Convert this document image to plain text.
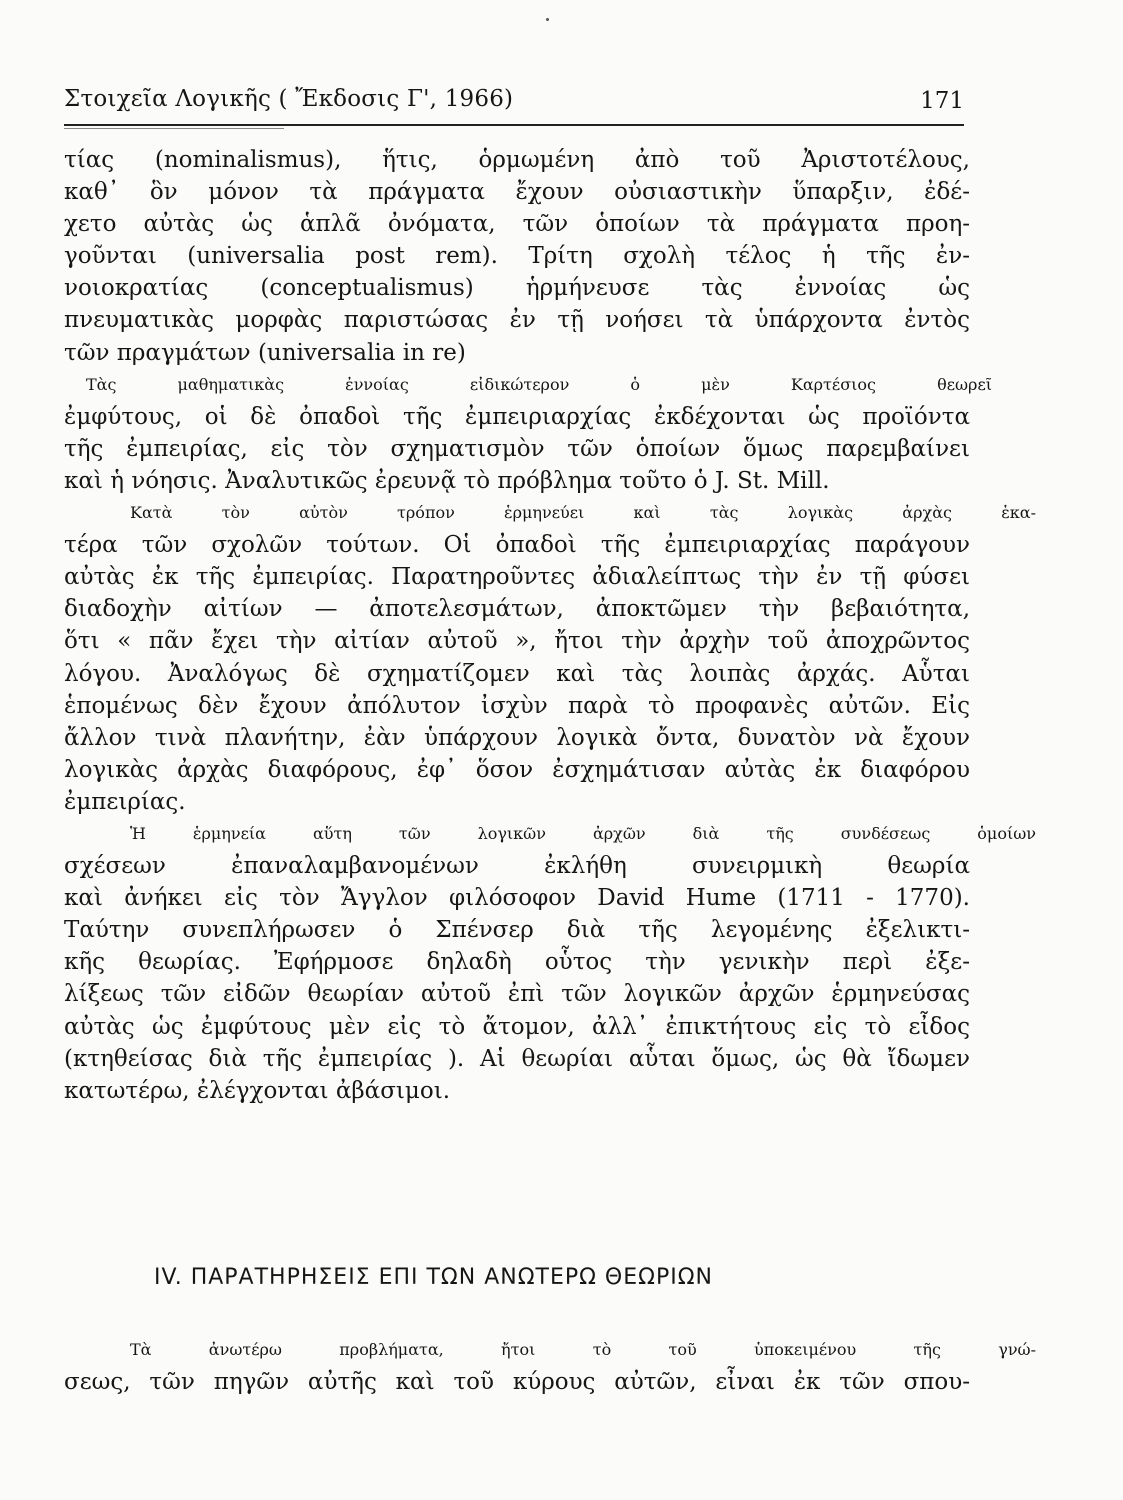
Στοιχεῖα Λογικῆς ( Ἔκδοσις Γ', 1966)	171
τίας (nominalismus), ἥτις, ὁρμωμένη ἀπὸ τοῦ Ἀριστοτέλους,
καθ᾽ ὃν μόνον τὰ πράγματα ἔχουν οὐσιαστικὴν ὕπαρξιν, ἐδέ-
χετο αὐτὰς ὡς ἁπλᾶ ὀνόματα, τῶν ὁποίων τὰ πράγματα προη-
γοῦνται (universalia post rem). Τρίτη σχολὴ τέλος ἡ τῆς ἐν-
νοιοκρατίας (conceptualismus) ἡρμήνευσε τὰς ἐννοίας ὡς
πνευματικὰς μορφὰς παριστώσας ἐν τῇ νοήσει τὰ ὑπάρχοντα ἐντὸς
τῶν πραγμάτων (universalia in re)
Τὰς μαθηματικὰς ἐννοίας εἰδικώτερον ὁ μὲν Καρτέσιος θεωρεῖ
ἐμφύτους, οἱ δὲ ὀπαδοὶ τῆς ἐμπειριαρχίας ἐκδέχονται ὡς προϊόντα
τῆς ἐμπειρίας, εἰς τὸν σχηματισμὸν τῶν ὁποίων ὅμως παρεμβαίνει
καὶ ἡ νόησις. Ἀναλυτικῶς ἐρευνᾷ τὸ πρόβλημα τοῦτο ὁ J. St. Mill.
Κατὰ τὸν αὐτὸν τρόπον ἑρμηνεύει καὶ τὰς λογικὰς ἀρχὰς ἑκα-
τέρα τῶν σχολῶν τούτων. Οἱ ὀπαδοὶ τῆς ἐμπειριαρχίας παράγουν
αὐτὰς ἐκ τῆς ἐμπειρίας. Παρατηροῦντες ἀδιαλείπτως τὴν ἐν τῇ φύσει
διαδοχὴν αἰτίων — ἀποτελεσμάτων, ἀποκτῶμεν τὴν βεβαιότητα,
ὅτι « πᾶν ἔχει τὴν αἰτίαν αὐτοῦ », ἤτοι τὴν ἀρχὴν τοῦ ἀποχρῶντος
λόγου. Ἀναλόγως δὲ σχηματίζομεν καὶ τὰς λοιπὰς ἀρχάς. Αὗται
ἑπομένως δὲν ἔχουν ἀπόλυτον ἰσχὺν παρὰ τὸ προφανὲς αὐτῶν. Εἰς
ἄλλον τινὰ πλανήτην, ἐὰν ὑπάρχουν λογικὰ ὄντα, δυνατὸν νὰ ἔχουν
λογικὰς ἀρχὰς διαφόρους, ἐφ᾽ ὅσον ἐσχημάτισαν αὐτὰς ἐκ διαφόρου
ἐμπειρίας.
Ἡ ἑρμηνεία αὕτη τῶν λογικῶν ἀρχῶν διὰ τῆς συνδέσεως ὁμοίων
σχέσεων ἐπαναλαμβανομένων ἐκλήθη συνειρμικὴ θεωρία
καὶ ἀνήκει εἰς τὸν Ἄγγλον φιλόσοφον David Hume (1711 - 1770).
Ταύτην συνεπλήρωσεν ὁ Σπένσερ διὰ τῆς λεγομένης ἐξελικτι-
κῆς θεωρίας. Ἐφήρμοσε δηλαδὴ οὗτος τὴν γενικὴν περὶ ἐξε-
λίξεως τῶν εἰδῶν θεωρίαν αὐτοῦ ἐπὶ τῶν λογικῶν ἀρχῶν ἑρμηνεύσας
αὐτὰς ὡς ἐμφύτους μὲν εἰς τὸ ἄτομον, ἀλλ᾽ ἐπικτήτους εἰς τὸ εἶδος
(κτηθείσας διὰ τῆς ἐμπειρίας ). Αἱ θεωρίαι αὗται ὅμως, ὡς θὰ ἴδωμεν
κατωτέρω, ἐλέγχονται ἀβάσιμοι.
IV. ΠΑΡΑΤΗΡΗΣΕΙΣ ΕΠΙ ΤΩΝ ΑΝΩΤΕΡΩ ΘΕΩΡΙΩΝ
Τὰ ἀνωτέρω προβλήματα, ἤτοι τὸ τοῦ ὑποκειμένου τῆς γνώ-
σεως, τῶν πηγῶν αὐτῆς καὶ τοῦ κύρους αὐτῶν, εἶναι ἐκ τῶν σπου-
